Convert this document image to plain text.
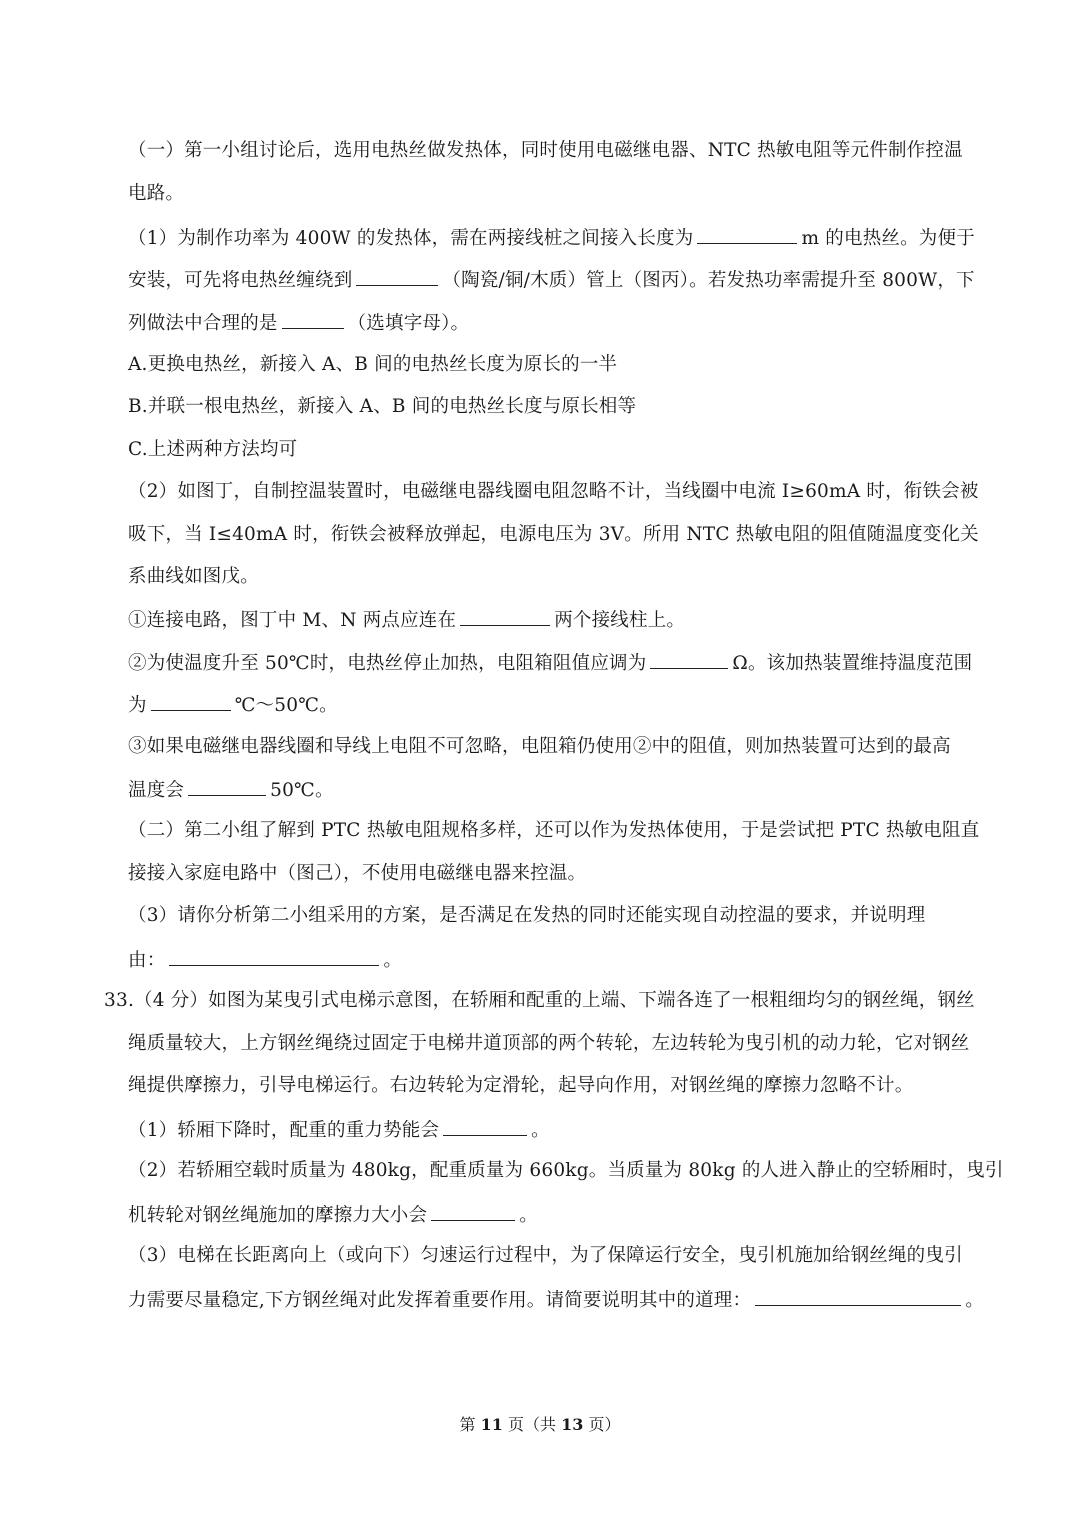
（一）第一小组讨论后，选用电热丝做发热体，同时使用电磁继电器、NTC 热敏电阻等元件制作控温
电路。
（1）为制作功率为 400W 的发热体，需在两接线桩之间接入长度为	m 的电热丝。为便于
安装，可先将电热丝缠绕到	（陶瓷/铜/木质）管上（图丙）。若发热功率需提升至 800W，下
列做法中合理的是	（选填字母）。
A.更换电热丝，新接入 A、B 间的电热丝长度为原长的一半
B.并联一根电热丝，新接入 A、B 间的电热丝长度与原长相等
C.上述两种方法均可
（2）如图丁，自制控温装置时，电磁继电器线圈电阻忽略不计，当线圈中电流 I≥60mA 时，衔铁会被
吸下，当 I≤40mA 时，衔铁会被释放弹起，电源电压为 3V。所用 NTC 热敏电阻的阻值随温度变化关
系曲线如图戊。
①连接电路，图丁中 M、N 两点应连在	两个接线柱上。
②为使温度升至 50℃时，电热丝停止加热，电阻箱阻值应调为	Ω。该加热装置维持温度范围
为	℃～50℃。
③如果电磁继电器线圈和导线上电阻不可忽略，电阻箱仍使用②中的阻值，则加热装置可达到的最高
温度会	50℃。
（二）第二小组了解到 PTC 热敏电阻规格多样，还可以作为发热体使用，于是尝试把 PTC 热敏电阻直
接接入家庭电路中（图己），不使用电磁继电器来控温。
（3）请你分析第二小组采用的方案，是否满足在发热的同时还能实现自动控温的要求，并说明理
由：	。
33.（4 分）如图为某曳引式电梯示意图，在轿厢和配重的上端、下端各连了一根粗细均匀的钢丝绳，钢丝
绳质量较大，上方钢丝绳绕过固定于电梯井道顶部的两个转轮，左边转轮为曳引机的动力轮，它对钢丝
绳提供摩擦力，引导电梯运行。右边转轮为定滑轮，起导向作用，对钢丝绳的摩擦力忽略不计。
（1）轿厢下降时，配重的重力势能会	。
（2）若轿厢空载时质量为 480kg，配重质量为 660kg。当质量为 80kg 的人进入静止的空轿厢时，曳引
机转轮对钢丝绳施加的摩擦力大小会	。
（3）电梯在长距离向上（或向下）匀速运行过程中，为了保障运行安全，曳引机施加给钢丝绳的曳引
力需要尽量稳定,下方钢丝绳对此发挥着重要作用。请简要说明其中的道理：	。
第 11 页（共 13 页）
